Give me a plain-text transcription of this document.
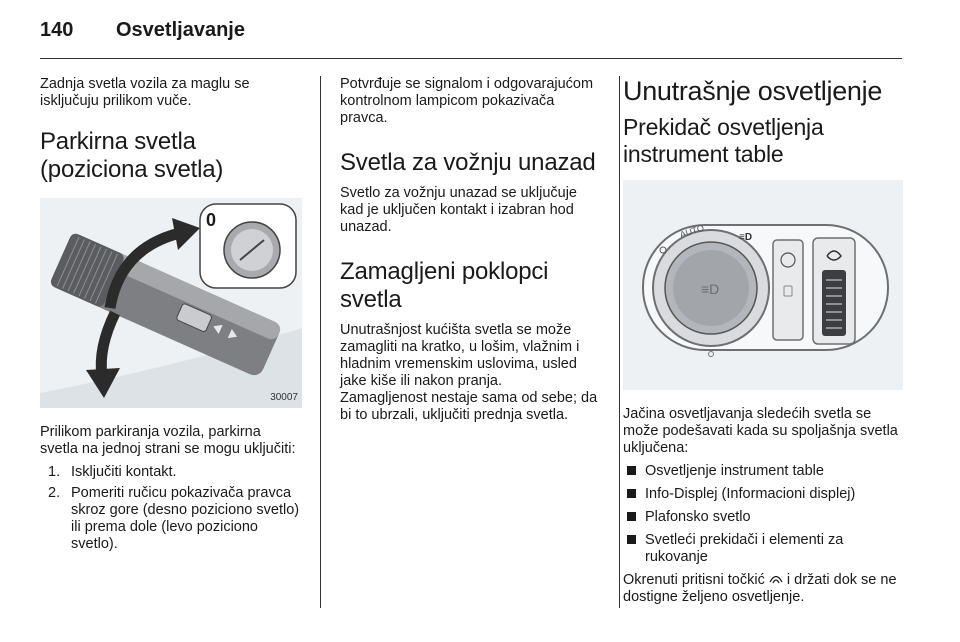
140 Osvetljavanje

Zadnja svetla vozila za maglu se isključuju prilikom vuče.

Parkirna svetla (poziciona svetla)
0
30007

Prilikom parkiranja vozila, parkirna svetla na jednoj strani se mogu uključiti:

1. Isključiti kontakt.
2. Pomeriti ručicu pokazivača pravca skroz gore (desno poziciono svetlo) ili prema dole (levo poziciono svetlo).

Potvrđuje se signalom i odgovarajućom kontrolnom lampicom pokazivača pravca.

Svetla za vožnju unazad

Svetlo za vožnju unazad se uključuje kad je uključen kontakt i izabran hod unazad.

Zamagljeni poklopci svetla

Unutrašnjost kućišta svetla se može zamagliti na kratko, u lošim, vlažnim i hladnim vremenskim uslovima, usled jake kiše ili nakon pranja.

Zamagljenost nestaje sama od sebe; da bi to ubrzali, uključiti prednja svetla.

Unutrašnje osvetljenje
Prekidač osvetljenja instrument table
≡D
AUTO	≡D

Jačina osvetljavanja sledećih svetla se može podešavati kada su spoljašnja svetla uključena:

Osvetljenje instrument table
Info-Displej (Informacioni displej)
Plafonsko svetlo
Svetleći prekidači i elementi za rukovanje

Okrenuti pritisni točkić i držati dok se ne dostigne željeno osvetljenje.
